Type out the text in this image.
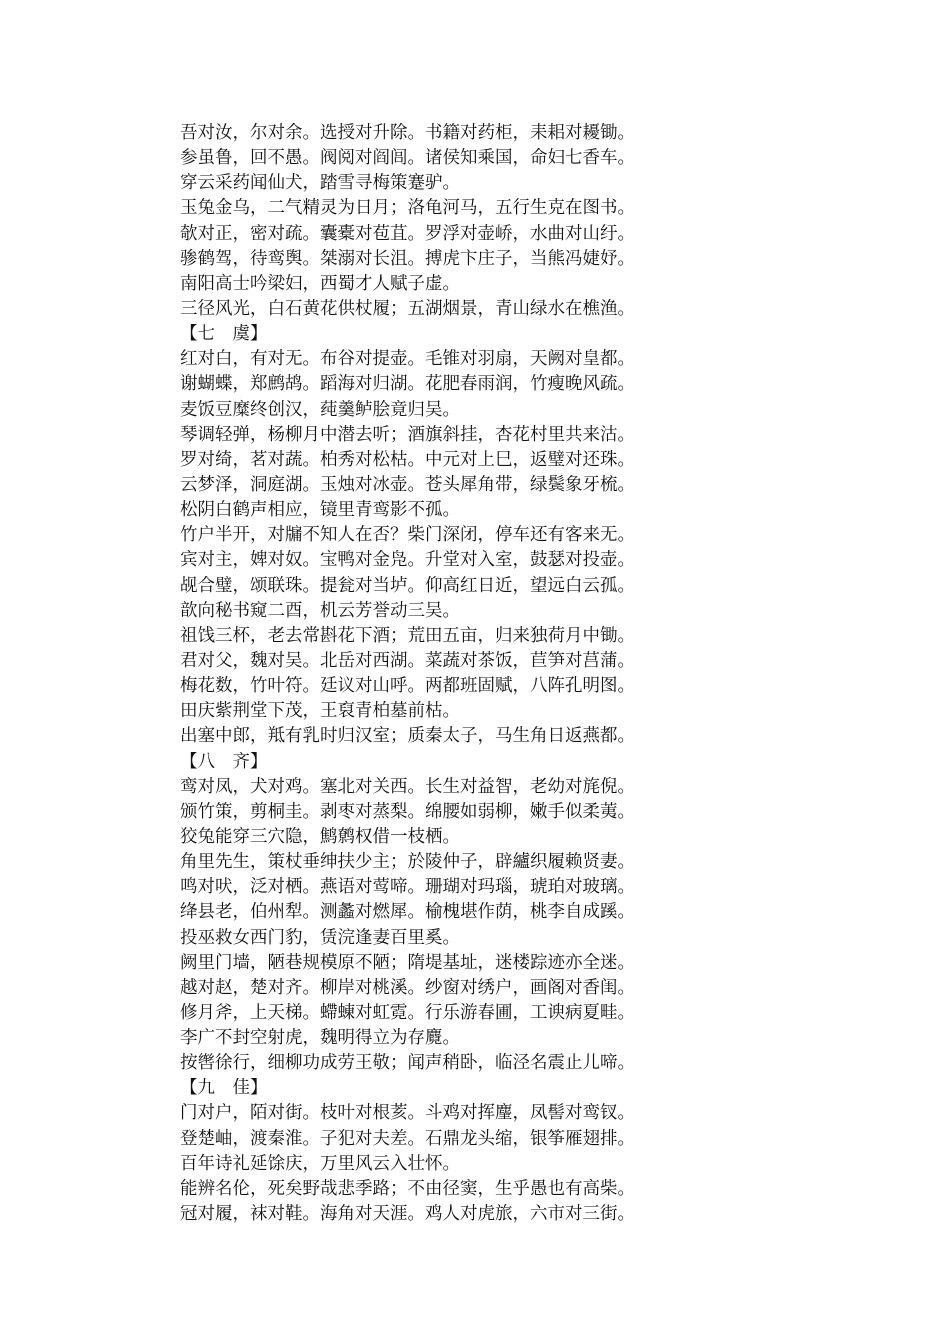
吾对汝，尔对余。选授对升除。书籍对药柜，耒耜对耰锄。
参虽鲁，回不愚。阀阅对阎闾。诸侯知乘国，命妇七香车。
穿云采药闻仙犬，踏雪寻梅策蹇驴。
玉兔金乌，二气精灵为日月；洛龟河马，五行生克在图书。
欹对正，密对疏。囊橐对苞苴。罗浮对壶峤，水曲对山纡。
骖鹤驾，待鸾舆。桀溺对长沮。搏虎卞庄子，当熊冯婕妤。
南阳高士吟梁妇，西蜀才人赋子虚。
三径风光，白石黄花供杖履；五湖烟景，青山绿水在樵渔。
【七　虞】
红对白，有对无。布谷对提壶。毛锥对羽扇，天阙对皇都。
谢蝴蝶，郑鹧鸪。蹈海对归湖。花肥春雨润，竹瘦晚风疏。
麦饭豆糜终创汉，莼羹鲈脍竟归吴。
琴调轻弹，杨柳月中潜去听；酒旗斜挂，杏花村里共来沽。
罗对绮，茗对蔬。柏秀对松枯。中元对上巳，返璧对还珠。
云梦泽，洞庭湖。玉烛对冰壶。苍头犀角带，绿鬓象牙梳。
松阴白鹤声相应，镜里青鸾影不孤。
竹户半开，对牖不知人在否？柴门深闭，停车还有客来无。
宾对主，婢对奴。宝鸭对金凫。升堂对入室，鼓瑟对投壶。
觇合璧，颂联珠。提瓮对当垆。仰高红日近，望远白云孤。
歆向秘书窥二酉，机云芳誉动三吴。
祖饯三杯，老去常斟花下酒；荒田五亩，归来独荷月中锄。
君对父，魏对吴。北岳对西湖。菜蔬对茶饭，苣笋对莒蒲。
梅花数，竹叶符。廷议对山呼。两都班固赋，八阵孔明图。
田庆紫荆堂下茂，王裒青柏墓前枯。
出塞中郎，羝有乳时归汉室；质秦太子，马生角日返燕都。
【八　齐】
鸾对凤，犬对鸡。塞北对关西。长生对益智，老幼对旄倪。
颁竹策，剪桐圭。剥枣对蒸梨。绵腰如弱柳，嫩手似柔荑。
狡兔能穿三穴隐，鹪鹩权借一枝栖。
角里先生，策杖垂绅扶少主；於陵仲子，辟纑织履赖贤妻。
鸣对吠，泛对栖。燕语对莺啼。珊瑚对玛瑙，琥珀对玻璃。
绛县老，伯州犁。测蠡对燃犀。榆槐堪作荫，桃李自成蹊。
投巫救女西门豹，赁浣逢妻百里奚。
阙里门墙，陋巷规模原不陋；隋堤基址，迷楼踪迹亦全迷。
越对赵，楚对齐。柳岸对桃溪。纱窗对绣户，画阁对香闺。
修月斧，上天梯。螮蝀对虹霓。行乐游春圃，工谀病夏畦。
李广不封空射虎，魏明得立为存麑。
按辔徐行，细柳功成劳王敬；闻声稍卧，临泾名震止儿啼。
【九　佳】
门对户，陌对街。枝叶对根荄。斗鸡对挥麈，凤髻对鸾钗。
登楚岫，渡秦淮。子犯对夫差。石鼎龙头缩，银筝雁翅排。
百年诗礼延馀庆，万里风云入壮怀。
能辨名伦，死矣野哉悲季路；不由径窦，生乎愚也有高柴。
冠对履，袜对鞋。海角对天涯。鸡人对虎旅，六市对三街。
